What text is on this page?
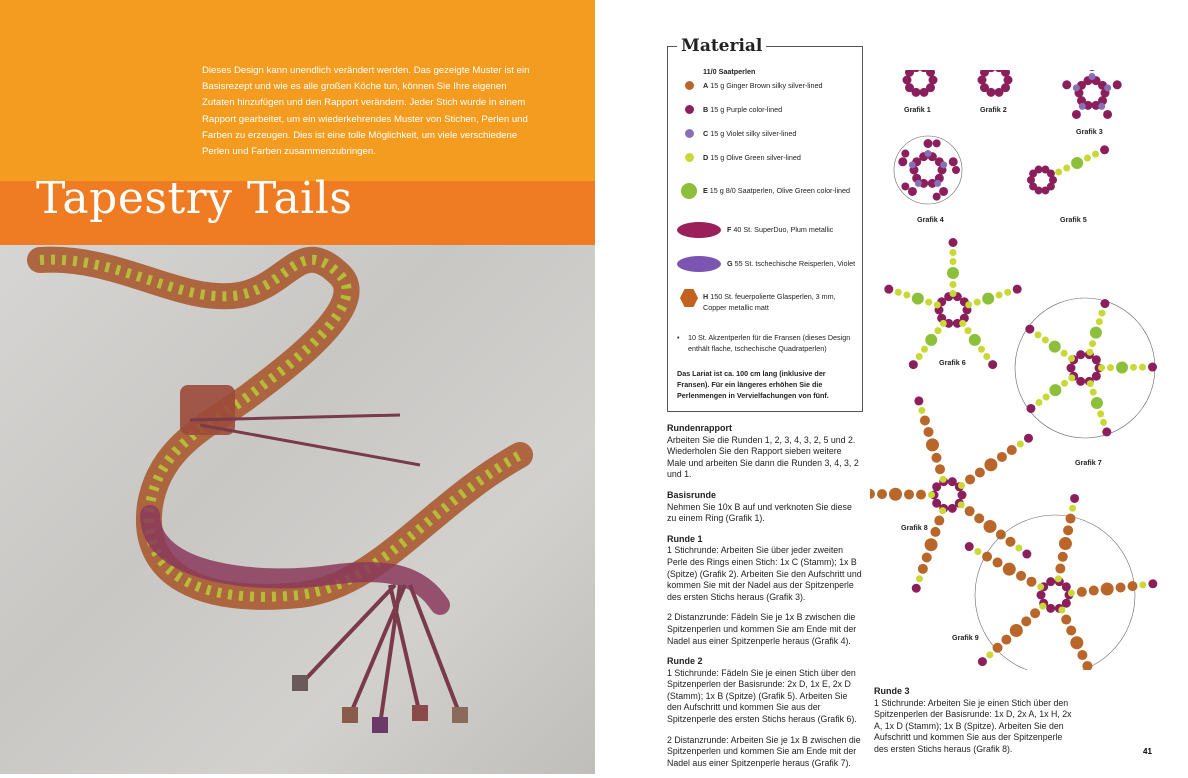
Dieses Design kann unendlich verändert werden. Das gezeigte Muster ist ein Basisrezept und wie es alle großen Köche tun, können Sie Ihre eigenen Zutaten hinzufügen und den Rapport verändern. Jeder Stich wurde in einem Rapport gearbeitet, um ein wiederkehrendes Muster von Stichen, Perlen und Farben zu erzeugen. Dies ist eine tolle Möglichkeit, um viele verschiedene Perlen und Farben zusammenzubringen.
Tapestry Tails
Material
11/0 Saatperlen
A 15 g Ginger Brown silky silver-lined
B 15 g Purple color-lined
C 15 g Violet silky silver-lined
D 15 g Olive Green silver-lined
E 15 g 8/0 Saatperlen, Olive Green color-lined
F 40 St. SuperDuo, Plum metallic
G 55 St. tschechische Reisperlen, Violet
H 150 St. feuerpolierte Glasperlen, 3 mm, Copper metallic matt
• 10 St. Akzentperlen für die Fransen (dieses Design enthält flache, tschechische Quadratperlen)
Das Lariat ist ca. 100 cm lang (inklusive der Fransen). Für ein längeres erhöhen Sie die Perlenmengen in Vervielfachungen von fünf.
Rundenrapport

Arbeiten Sie die Runden 1, 2, 3, 4, 3, 2, 5 und 2. Wiederholen Sie den Rapport sieben weitere Male und arbeiten Sie dann die Runden 3, 4, 3, 2 und 1.

Basisrunde

Nehmen Sie 10x B auf und verknoten Sie diese zu einem Ring (Grafik 1).

Runde 1

1 Stichrunde: Arbeiten Sie über jeder zweiten Perle des Rings einen Stich: 1x C (Stamm); 1x B (Spitze) (Grafik 2). Arbeiten Sie den Aufschritt und kommen Sie mit der Nadel aus der Spitzenperle des ersten Stichs heraus (Grafik 3).

2 Distanzrunde: Fädeln Sie je 1x B zwischen die Spitzenperlen und kommen Sie am Ende mit der Nadel aus einer Spitzenperle heraus (Grafik 4).

Runde 2

1 Stichrunde: Fädeln Sie je einen Stich über den Spitzenperlen der Basisrunde: 2x D, 1x E, 2x D (Stamm); 1x B (Spitze) (Grafik 5). Arbeiten Sie den Aufschritt und kommen Sie aus der Spitzenperle des ersten Stichs heraus (Grafik 6).

2 Distanzrunde: Arbeiten Sie je 1x B zwischen die Spitzenperlen und kommen Sie am Ende mit der Nadel aus einer Spitzenperle heraus (Grafik 7).

Runde 3

1 Stichrunde: Arbeiten Sie je einen Stich über den Spitzenperlen der Basisrunde: 1x D, 2x A, 1x H, 2x A, 1x D (Stamm); 1x B (Spitze). Arbeiten Sie den Aufschritt und kommen Sie aus der Spitzenperle des ersten Stichs heraus (Grafik 8).

Grafik 1	Grafik 2
Grafik 3
Grafik 4	Grafik 5
Grafik 6
Grafik 7
Grafik 8
Grafik 9
41
